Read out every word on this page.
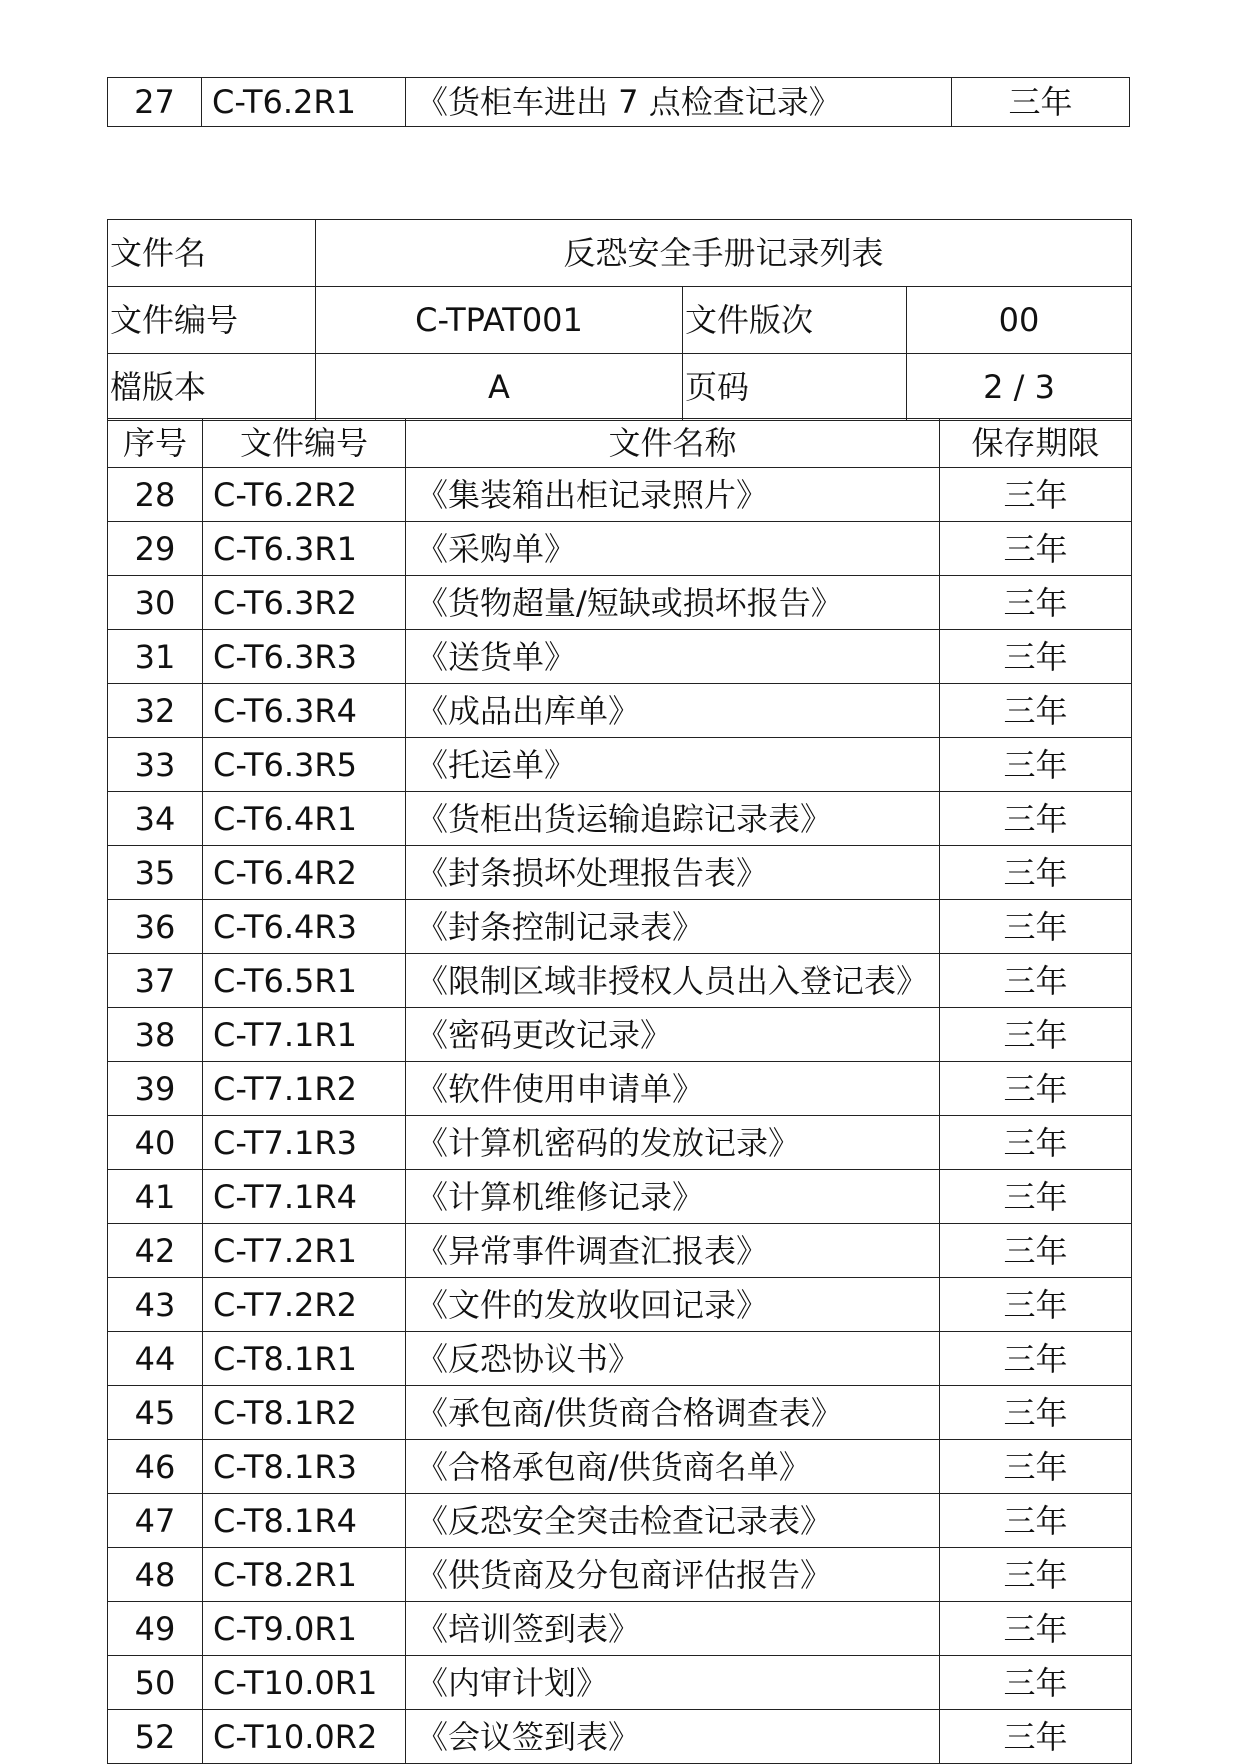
27	C-T6.2R1	《货柜车进出 7 点检查记录》	三年
文件名	反恐安全手册记录列表		
文件编号	C-TPAT001	文件版次	00
檔版本	A	页码	2 / 3
序号	文件编号	文件名称	保存期限
28	C-T6.2R2	《集装箱出柜记录照片》	三年
29	C-T6.3R1	《采购单》	三年
30	C-T6.3R2	《货物超量/短缺或损坏报告》	三年
31	C-T6.3R3	《送货单》	三年
32	C-T6.3R4	《成品出库单》	三年
33	C-T6.3R5	《托运单》	三年
34	C-T6.4R1	《货柜出货运输追踪记录表》	三年
35	C-T6.4R2	《封条损坏处理报告表》	三年
36	C-T6.4R3	《封条控制记录表》	三年
37	C-T6.5R1	《限制区域非授权人员出入登记表》	三年
38	C-T7.1R1	《密码更改记录》	三年
39	C-T7.1R2	《软件使用申请单》	三年
40	C-T7.1R3	《计算机密码的发放记录》	三年
41	C-T7.1R4	《计算机维修记录》	三年
42	C-T7.2R1	《异常事件调查汇报表》	三年
43	C-T7.2R2	《文件的发放收回记录》	三年
44	C-T8.1R1	《反恐协议书》	三年
45	C-T8.1R2	《承包商/供货商合格调查表》	三年
46	C-T8.1R3	《合格承包商/供货商名单》	三年
47	C-T8.1R4	《反恐安全突击检查记录表》	三年
48	C-T8.2R1	《供货商及分包商评估报告》	三年
49	C-T9.0R1	《培训签到表》	三年
50	C-T10.0R1	《内审计划》	三年
52	C-T10.0R2	《会议签到表》	三年
